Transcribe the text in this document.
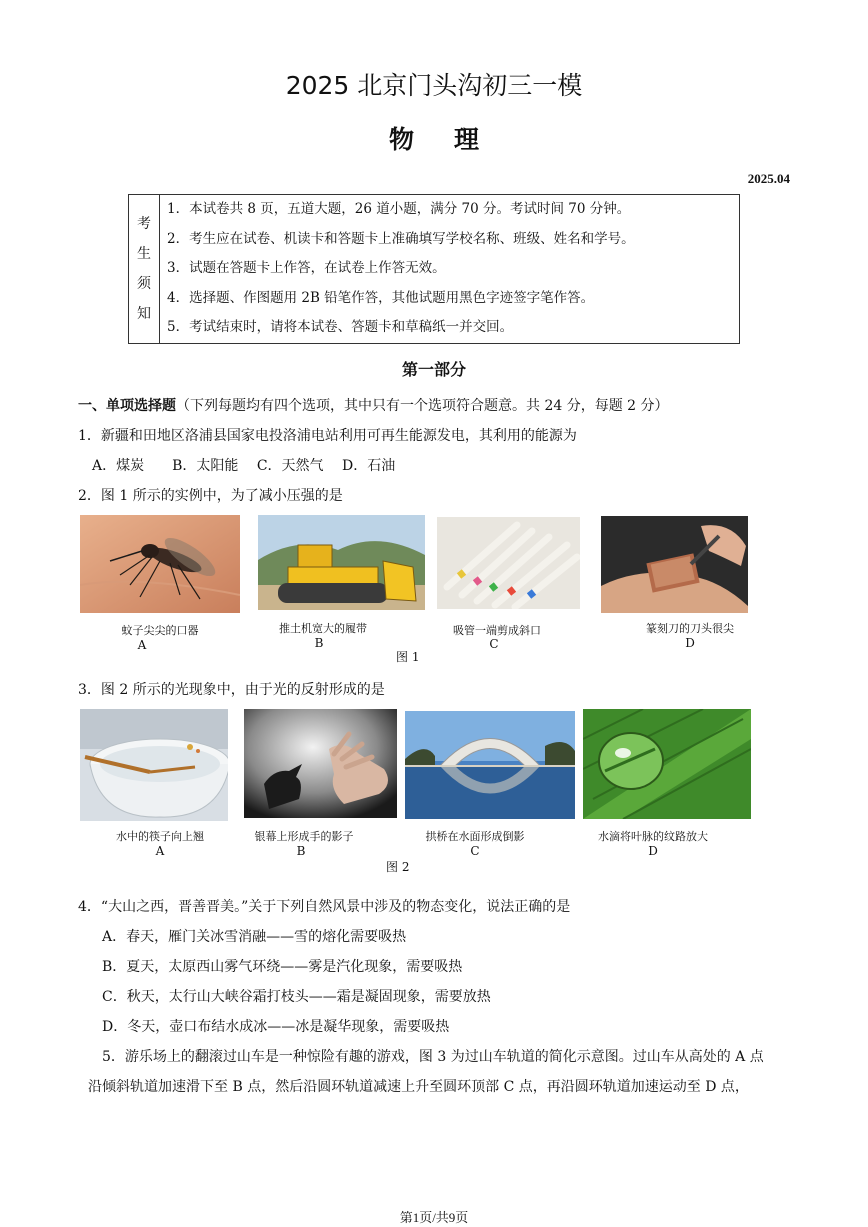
2025 北京门头沟初三一模
物理
2025.04
考
生
须
知
1．本试卷共 8 页，五道大题，26 道小题，满分 70 分。考试时间 70 分钟。
2．考生应在试卷、机读卡和答题卡上准确填写学校名称、班级、姓名和学号。
3．试题在答题卡上作答，在试卷上作答无效。
4．选择题、作图题用 2B 铅笔作答，其他试题用黑色字迹签字笔作答。
5．考试结束时，请将本试卷、答题卡和草稿纸一并交回。
第一部分
一、单项选择题（下列每题均有四个选项，其中只有一个选项符合题意。共 24 分，每题 2 分）
1．新疆和田地区洛浦县国家电投洛浦电站利用可再生能源发电，其利用的能源为
A．煤炭　　B．太阳能　 C．天然气　 D．石油
2．图 1 所示的实例中，为了减小压强的是
蚊子尖尖的口器
A
推土机宽大的履带
B
图 1
吸管一端剪成斜口
C
篆刻刀的刀头很尖
D
3．图 2 所示的光现象中，由于光的反射形成的是
水中的筷子向上翘
A
银幕上形成手的影子
B
图 2
拱桥在水面形成倒影
C
水滴将叶脉的纹路放大
D
4．“大山之西，晋善晋美。”关于下列自然风景中涉及的物态变化，说法正确的是
A．春天，雁门关冰雪消融——雪的熔化需要吸热
B．夏天，太原西山雾气环绕——雾是汽化现象，需要吸热
C．秋天，太行山大峡谷霜打枝头——霜是凝固现象，需要放热
D．冬天，壶口布结水成冰——冰是凝华现象，需要吸热
5．游乐场上的翻滚过山车是一种惊险有趣的游戏，图 3 为过山车轨道的简化示意图。过山车从高处的 A 点
沿倾斜轨道加速滑下至 B 点，然后沿圆环轨道减速上升至圆环顶部 C 点，再沿圆环轨道加速运动至 D 点，
第1页/共9页
